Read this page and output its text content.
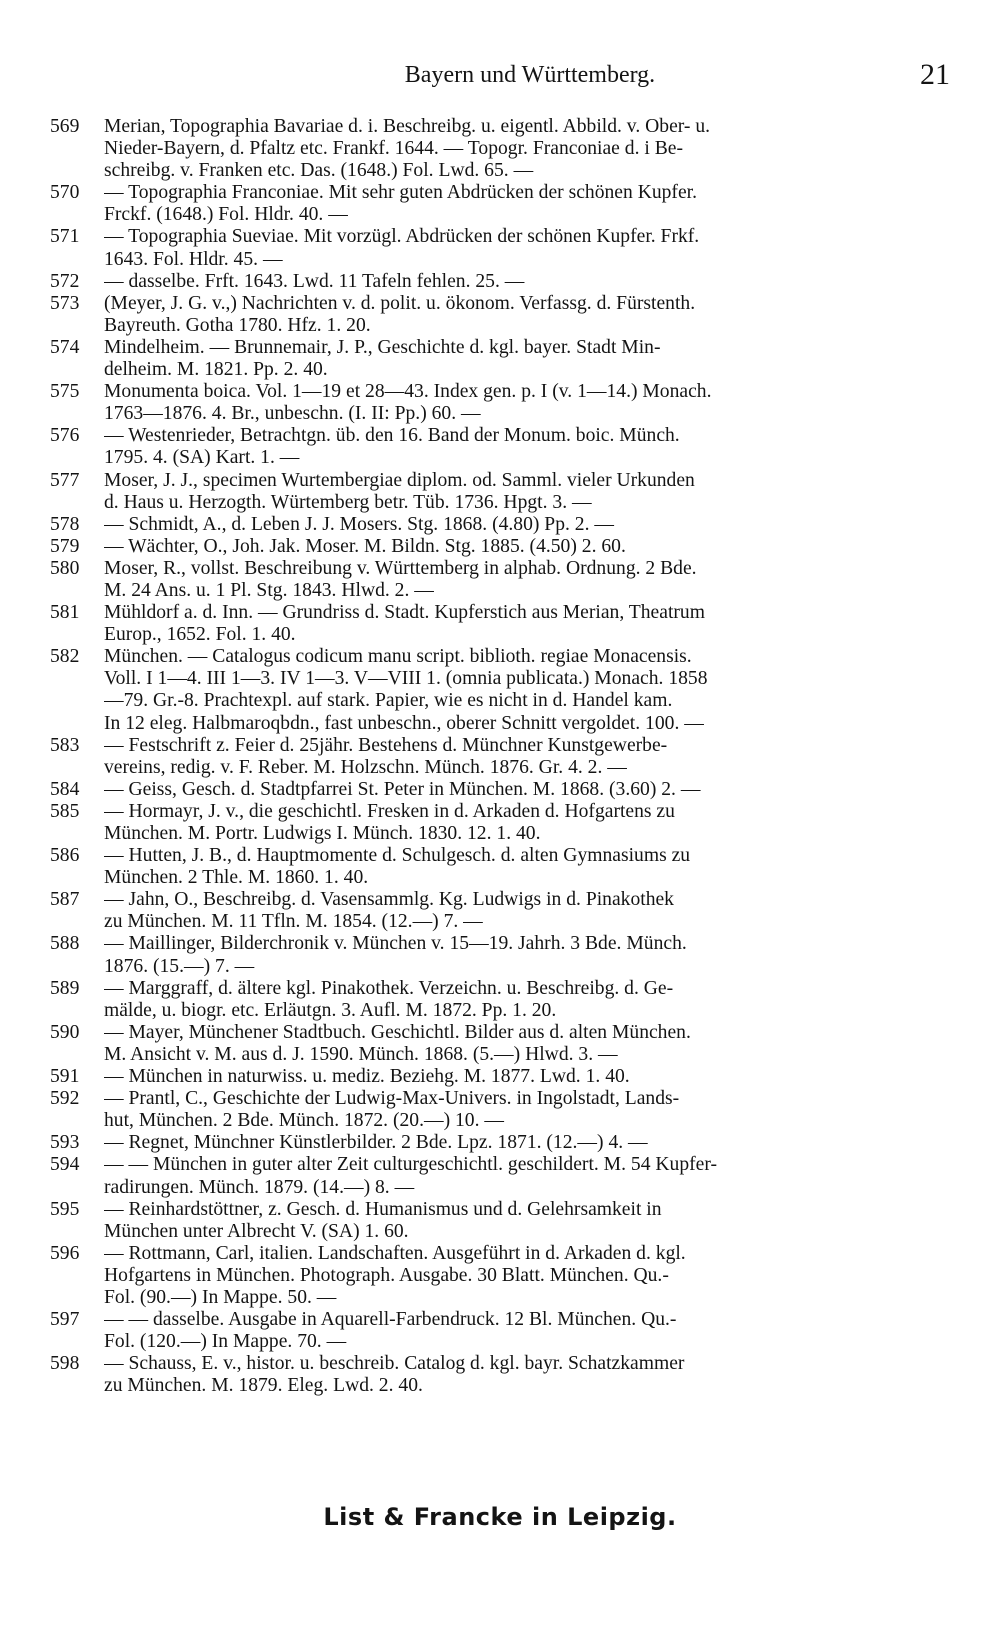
Bayern und Württemberg.	21
569	Merian, Topographia Bavariae d. i. Beschreibg. u. eigentl. Abbild. v. Ober- u.
Nieder-Bayern, d. Pfaltz etc. Frankf. 1644. — Topogr. Franconiae d. i Be-
schreibg. v. Franken etc. Das. (1648.) Fol. Lwd. 65. —
570	— Topographia Franconiae. Mit sehr guten Abdrücken der schönen Kupfer.
Frckf. (1648.) Fol. Hldr. 40. —
571	— Topographia Sueviae. Mit vorzügl. Abdrücken der schönen Kupfer. Frkf.
1643. Fol. Hldr. 45. —
572	— dasselbe. Frft. 1643. Lwd. 11 Tafeln fehlen. 25. —
573	(Meyer, J. G. v.,) Nachrichten v. d. polit. u. ökonom. Verfassg. d. Fürstenth.
Bayreuth. Gotha 1780. Hfz. 1. 20.
574	Mindelheim. — Brunnemair, J. P., Geschichte d. kgl. bayer. Stadt Min-
delheim. M. 1821. Pp. 2. 40.
575	Monumenta boica. Vol. 1—19 et 28—43. Index gen. p. I (v. 1—14.) Monach.
1763—1876. 4. Br., unbeschn. (I. II: Pp.) 60. —
576	— Westenrieder, Betrachtgn. üb. den 16. Band der Monum. boic. Münch.
1795. 4. (SA) Kart. 1. —
577	Moser, J. J., specimen Wurtembergiae diplom. od. Samml. vieler Urkunden
d. Haus u. Herzogth. Würtemberg betr. Tüb. 1736. Hpgt. 3. —
578	— Schmidt, A., d. Leben J. J. Mosers. Stg. 1868. (4.80) Pp. 2. —
579	— Wächter, O., Joh. Jak. Moser. M. Bildn. Stg. 1885. (4.50) 2. 60.
580	Moser, R., vollst. Beschreibung v. Württemberg in alphab. Ordnung. 2 Bde.
M. 24 Ans. u. 1 Pl. Stg. 1843. Hlwd. 2. —
581	Mühldorf a. d. Inn. — Grundriss d. Stadt. Kupferstich aus Merian, Theatrum
Europ., 1652. Fol. 1. 40.
582	München. — Catalogus codicum manu script. biblioth. regiae Monacensis.
Voll. I 1—4. III 1—3. IV 1—3. V—VIII 1. (omnia publicata.) Monach. 1858
—79. Gr.-8. Prachtexpl. auf stark. Papier, wie es nicht in d. Handel kam.
In 12 eleg. Halbmaroqbdn., fast unbeschn., oberer Schnitt vergoldet. 100. —
583	— Festschrift z. Feier d. 25jähr. Bestehens d. Münchner Kunstgewerbe-
vereins, redig. v. F. Reber. M. Holzschn. Münch. 1876. Gr. 4. 2. —
584	— Geiss, Gesch. d. Stadtpfarrei St. Peter in München. M. 1868. (3.60) 2. —
585	— Hormayr, J. v., die geschichtl. Fresken in d. Arkaden d. Hofgartens zu
München. M. Portr. Ludwigs I. Münch. 1830. 12. 1. 40.
586	— Hutten, J. B., d. Hauptmomente d. Schulgesch. d. alten Gymnasiums zu
München. 2 Thle. M. 1860. 1. 40.
587	— Jahn, O., Beschreibg. d. Vasensammlg. Kg. Ludwigs in d. Pinakothek
zu München. M. 11 Tfln. M. 1854. (12.—) 7. —
588	— Maillinger, Bilderchronik v. München v. 15—19. Jahrh. 3 Bde. Münch.
1876. (15.—) 7. —
589	— Marggraff, d. ältere kgl. Pinakothek. Verzeichn. u. Beschreibg. d. Ge-
mälde, u. biogr. etc. Erläutgn. 3. Aufl. M. 1872. Pp. 1. 20.
590	— Mayer, Münchener Stadtbuch. Geschichtl. Bilder aus d. alten München.
M. Ansicht v. M. aus d. J. 1590. Münch. 1868. (5.—) Hlwd. 3. —
591	— München in naturwiss. u. mediz. Beziehg. M. 1877. Lwd. 1. 40.
592	— Prantl, C., Geschichte der Ludwig-Max-Univers. in Ingolstadt, Lands-
hut, München. 2 Bde. Münch. 1872. (20.—) 10. —
593	— Regnet, Münchner Künstlerbilder. 2 Bde. Lpz. 1871. (12.—) 4. —
594	— — München in guter alter Zeit culturgeschichtl. geschildert. M. 54 Kupfer-
radirungen. Münch. 1879. (14.—) 8. —
595	— Reinhardstöttner, z. Gesch. d. Humanismus und d. Gelehrsamkeit in
München unter Albrecht V. (SA) 1. 60.
596	— Rottmann, Carl, italien. Landschaften. Ausgeführt in d. Arkaden d. kgl.
Hofgartens in München. Photograph. Ausgabe. 30 Blatt. München. Qu.-
Fol. (90.—) In Mappe. 50. —
597	— — dasselbe. Ausgabe in Aquarell-Farbendruck. 12 Bl. München. Qu.-
Fol. (120.—) In Mappe. 70. —
598	— Schauss, E. v., histor. u. beschreib. Catalog d. kgl. bayr. Schatzkammer
zu München. M. 1879. Eleg. Lwd. 2. 40.
List & Francke in Leipzig.
